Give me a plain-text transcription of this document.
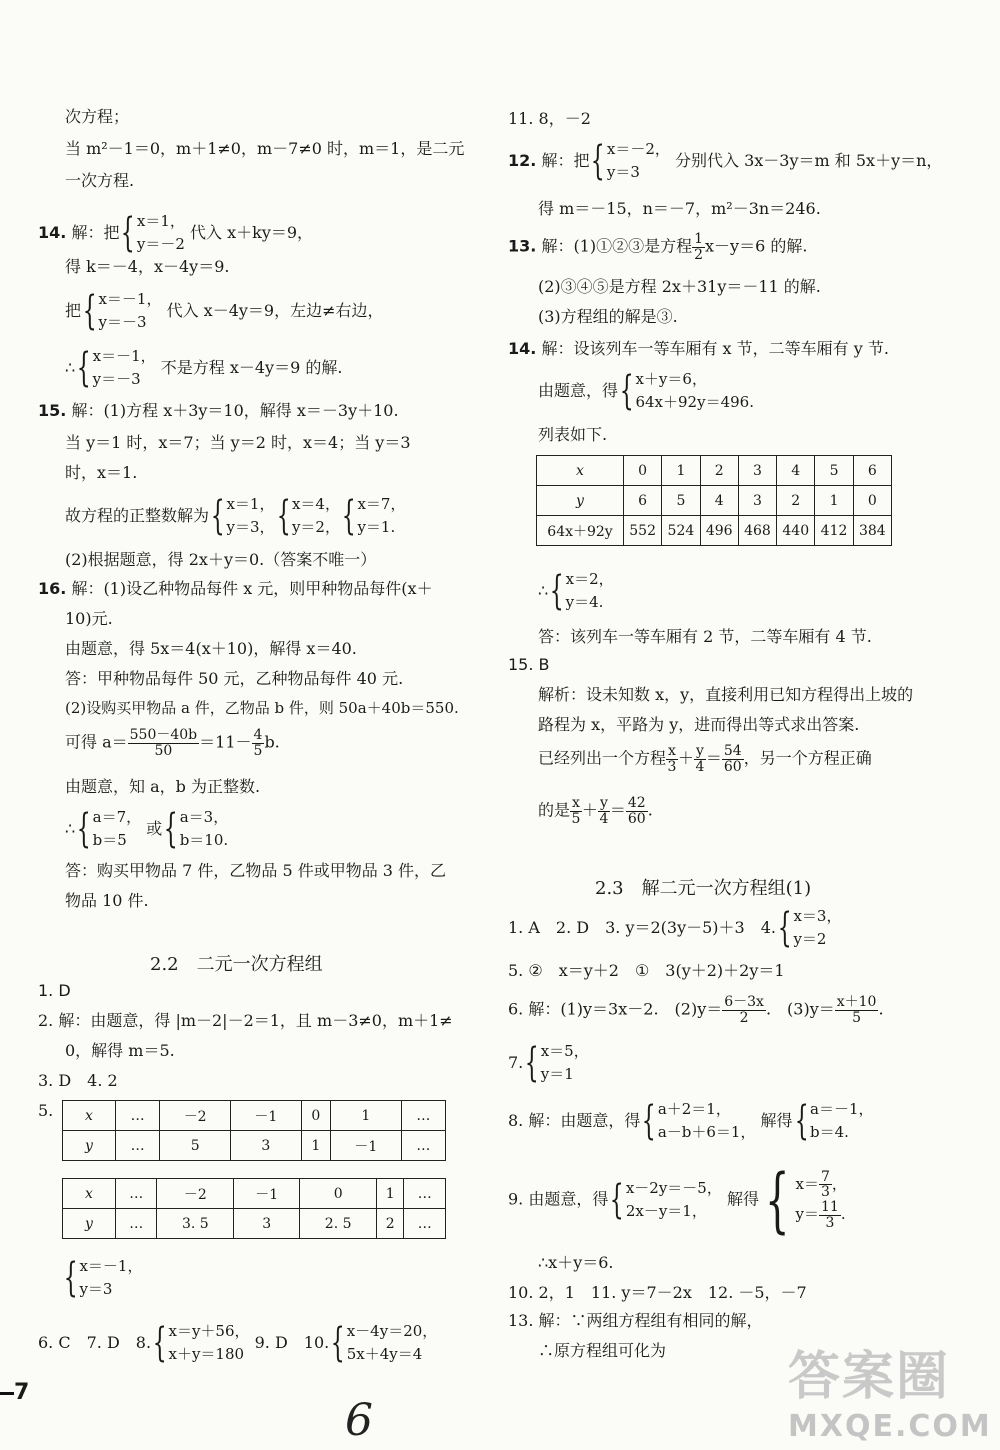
次方程；
当 m²－1＝0，m＋1≠0，m－7≠0 时，m＝1，是二元
一次方程.
14. 解：把{ x＝1，
y＝－2 代入 x＋ky＝9，
得 k＝－4，x－4y＝9.
把{ x＝－1，
y＝－3 代入 x－4y＝9，左边≠右边，
∴{ x＝－1，
y＝－3 不是方程 x－4y＝9 的解.
15. 解：(1)方程 x＋3y＝10，解得 x＝－3y＋10.
当 y＝1 时，x＝7；当 y＝2 时，x＝4；当 y＝3
时，x＝1.
故方程的正整数解为{ x＝1，
y＝3，{ x＝4，
y＝2，{ x＝7，
y＝1.
(2)根据题意，得 2x＋y＝0.（答案不唯一）
16. 解：(1)设乙种物品每件 x 元，则甲种物品每件(x＋
10)元.
由题意，得 5x＝4(x＋10)，解得 x＝40.
答：甲种物品每件 50 元，乙种物品每件 40 元.
(2)设购买甲物品 a 件，乙物品 b 件，则 50a＋40b＝550.
可得 $a= \frac{550-40b}{50} =11- \frac{4}{5} b$.
由题意，知 a，b 为正整数.
∴{ a＝7，
b＝5 或{ a＝3，
b＝10.
答：购买甲物品 7 件，乙物品 5 件或甲物品 3 件，乙
物品 10 件.
2.2　二元一次方程组
1. D
2. 解：由题意，得 |m－2|－2＝1，且 m－3≠0，m＋1≠
0，解得 m＝5.
3. D　4. 2
5. x	…	－2	－1	0	1	…
y	…	5	3	1	－1	…
x	…	－2	－1	0	1	…
y	…	3. 5	3	2. 5	2	…
{ x＝－1，
y＝3
6. C　7. D　8.{ x＝y＋56，
x＋y＝180 9. D　10.{ x－4y＝20，
5x＋4y＝4
7
6
11. 8，－2
12. 解：把{ x＝－2，
y＝3 分别代入 3x－3y＝m 和 5x＋y＝n，
得 m＝－15，n＝－7，m²－3n＝246.
13. 解：(1)①②③是方程 $\frac{1}{2} x-y=6$ 的解.
(2)③④⑤是方程 2x＋31y＝－11 的解.
(3)方程组的解是③.
14. 解：设该列车一等车厢有 x 节，二等车厢有 y 节.
由题意，得{ x＋y＝6，
64x＋92y＝496.
列表如下.
x	0	1	2	3	4	5	6
y	6	5	4	3	2	1	0
64x＋92y	552	524	496	468	440	412	384
∴{ x＝2，
y＝4.
答：该列车一等车厢有 2 节，二等车厢有 4 节.
15. B
解析：设未知数 x，y，直接利用已知方程得出上坡的
路程为 x，平路为 y，进而得出等式求出答案.
已经列出一个方程 $\frac{x}{3} + \frac{y}{4} = \frac{54}{60}$ ，另一个方程正确
的是 $\frac{x}{5} + \frac{y}{4} = \frac{42}{60}$ .
2.3　解二元一次方程组(1)
1. A　2. D　3. y＝2(3y－5)＋3　4.{ x＝3，
y＝2
5. ②　x＝y＋2　①　3(y＋2)＋2y＝1
6. 解：(1)y＝3x－2.　$(2)y= \frac{6-3x}{2}$ .　$(3)y= \frac{x+10}{5}$ .
7.{ x＝5，
y＝1
8. 解：由题意，得{ a＋2＝1，
a－b＋6＝1， 解得{ a＝－1，
b＝4.
9. 由题意，得{ x－2y＝－5，
2x－y＝1， 解得{ $x= \frac{7}{3}$ ，
$y= \frac{11}{3}$ .
∴x＋y＝6.
10. 2，1　11. y＝7－2x　12. －5，－7
13. 解：∵两组方程组有相同的解，
∴原方程组可化为 答案圈
MXQE.COM
